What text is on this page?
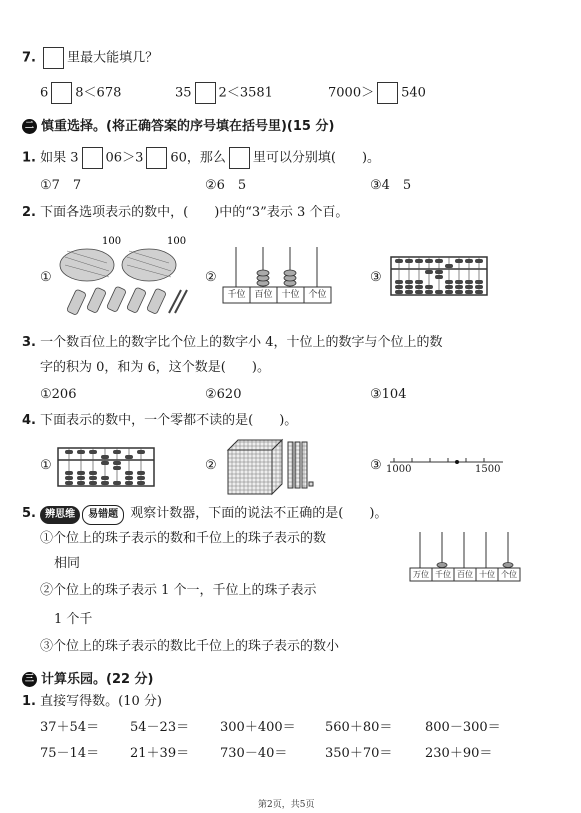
7. 里最大能填几？
6 8＜678	35 2＜3581	7000＞ 540
二 慎重选择。(将正确答案的序号填在括号里)(15 分)
1. 如果 3 06＞3 60，那么 里可以分别填(　　)。
①7　7	②6　5	③4　5
2. 下面各选项表示的数中，(　　)中的“3”表示 3 个百。
①	②	③
100	100
千位 百位 十位 个位
3. 一个数百位上的数字比个位上的数字小 4，十位上的数字与个位上的数
字的积为 0，和为 6，这个数是(　　)。
①206	②620	③104
4. 下面表示的数中，一个零都不读的是(　　)。
①	②	③ 1000	1500
5. 辨思维 易错题 观察计数器，下面的说法不正确的是(　　)。
①个位上的珠子表示的数和千位上的珠子表示的数
相同
②个位上的珠子表示 1 个一，千位上的珠子表示
1 个千
③个位上的珠子表示的数比千位上的珠子表示的数小
万位 千位 百位 十位 个位
三 计算乐园。(22 分)
1. 直接写得数。(10 分)
37＋54＝ 54－23＝ 300＋400＝ 560＋80＝	800－300＝
75－14＝ 21＋39＝ 730－40＝	350＋70＝	230＋90＝
第2页，共5页
